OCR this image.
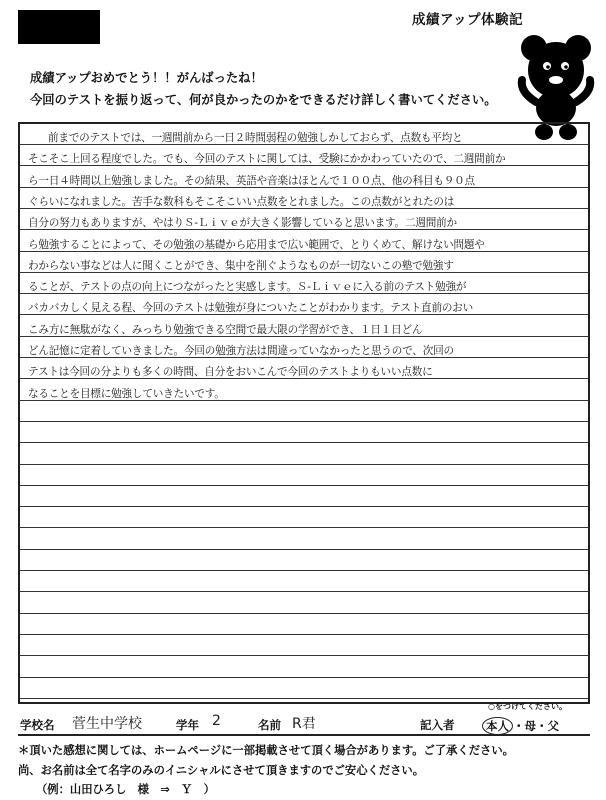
成績アップ体験記
成績アップおめでとう！！がんばったね！
今回のテストを振り返って、何が良かったのかをできるだけ詳しく書いてください。
前までのテストでは、一週間前から一日２時間弱程の勉強しかしておらず、点数も平均と
そこそこ上回る程度でした。でも、今回のテストに関しては、受験にかかわっていたので、二週間前か
ら一日４時間以上勉強しました。その結果、英語や音楽はほとんで１００点、他の科目も９０点
ぐらいになれました。苦手な数科もそこそこいい点数をとれました。この点数がとれたのは
自分の努力もありますが、やはりＳ-Ｌｉｖｅが大きく影響していると思います。二週間前か
ら勉強することによって、その勉強の基礎から応用まで広い範囲で、とりくめて、解けない問題や
わからない事などは人に聞くことができ、集中を削ぐようなものが一切ないこの塾で勉強す
ることが、テストの点の向上につながったと実感します。Ｓ-Ｌｉｖｅに入る前のテスト勉強が
バカバカしく見える程、今回のテストは勉強が身についたことがわかります。テスト直前のおい
こみ方に無駄がなく、みっちり勉強できる空間で最大限の学習ができ、１日１日どん
どん記憶に定着していきました。今回の勉強方法は間違っていなかったと思うので、次回の
テストは今回の分よりも多くの時間、自分をおいこんで今回のテストよりもいい点数に
なることを目標に勉強していきたいです。
学校名 菅生中学校	学年 2	名前 R君
○をつけてください。
記入者	本人 ・母・父
＊頂いた感想に関しては、ホームページに一部掲載させて頂く場合があります。ご了承ください。
尚、お名前は全て名字のみのイニシャルにさせて頂きますのでご安心ください。
（例：山田ひろし　様　⇒　Ｙ　）
